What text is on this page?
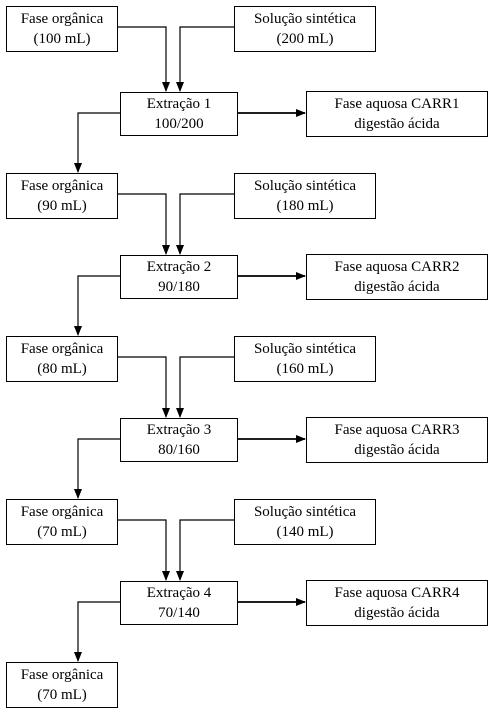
Fase orgânica
(100 mL)
Solução sintética
(200 mL)
Extração 1
100/200
Fase aquosa CARR1
digestão ácida
Fase orgânica
(90 mL)
Solução sintética
(180 mL)
Extração 2
90/180
Fase aquosa CARR2
digestão ácida
Fase orgânica
(80 mL)
Solução sintética
(160 mL)
Extração 3
80/160
Fase aquosa CARR3
digestão ácida
Fase orgânica
(70 mL)
Solução sintética
(140 mL)
Extração 4
70/140
Fase aquosa CARR4
digestão ácida
Fase orgânica
(70 mL)
